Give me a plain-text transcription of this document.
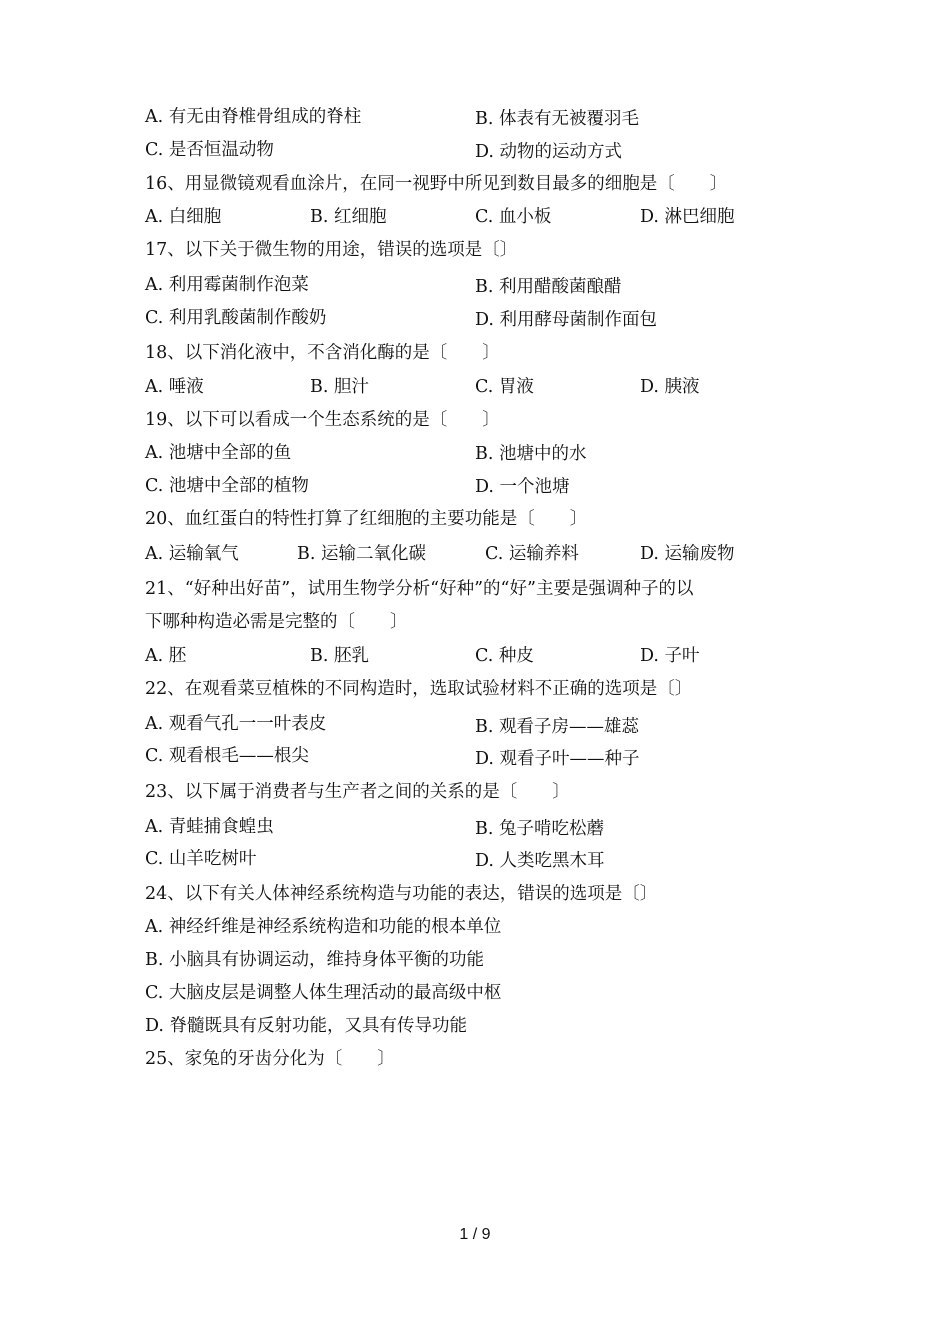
A. 有无由脊椎骨组成的脊柱	B. 体表有无被覆羽毛
C. 是否恒温动物	D. 动物的运动方式
16、用显微镜观看血涂片，在同一视野中所见到数目最多的细胞是〔　　〕
A. 白细胞	B. 红细胞	C. 血小板	D. 淋巴细胞
17、以下关于微生物的用途，错误的选项是〔〕
A. 利用霉菌制作泡菜	B. 利用醋酸菌酿醋
C. 利用乳酸菌制作酸奶	D. 利用酵母菌制作面包
18、以下消化液中，不含消化酶的是〔　　〕
A. 唾液	B. 胆汁	C. 胃液	D. 胰液
19、以下可以看成一个生态系统的是〔　　〕
A. 池塘中全部的鱼	B. 池塘中的水
C. 池塘中全部的植物	D. 一个池塘
20、血红蛋白的特性打算了红细胞的主要功能是〔　　〕
A. 运输氧气	B. 运输二氧化碳	C. 运输养料	D. 运输废物
21、“好种出好苗”，试用生物学分析“好种”的“好”主要是强调种子的以
下哪种构造必需是完整的〔　　〕
A. 胚	B. 胚乳	C. 种皮	D. 子叶
22、在观看菜豆植株的不同构造时，选取试验材料不正确的选项是〔〕
A. 观看气孔一一叶表皮	B. 观看子房——雄蕊
C. 观看根毛——根尖	D. 观看子叶——种子
23、以下属于消费者与生产者之间的关系的是〔　　〕
A. 青蛙捕食蝗虫	B. 兔子啃吃松蘑
C. 山羊吃树叶	D. 人类吃黑木耳
24、以下有关人体神经系统构造与功能的表达，错误的选项是〔〕
A. 神经纤维是神经系统构造和功能的根本单位
B. 小脑具有协调运动，维持身体平衡的功能
C. 大脑皮层是调整人体生理活动的最高级中枢
D. 脊髓既具有反射功能，又具有传导功能
25、家兔的牙齿分化为〔　　〕
1 / 9
